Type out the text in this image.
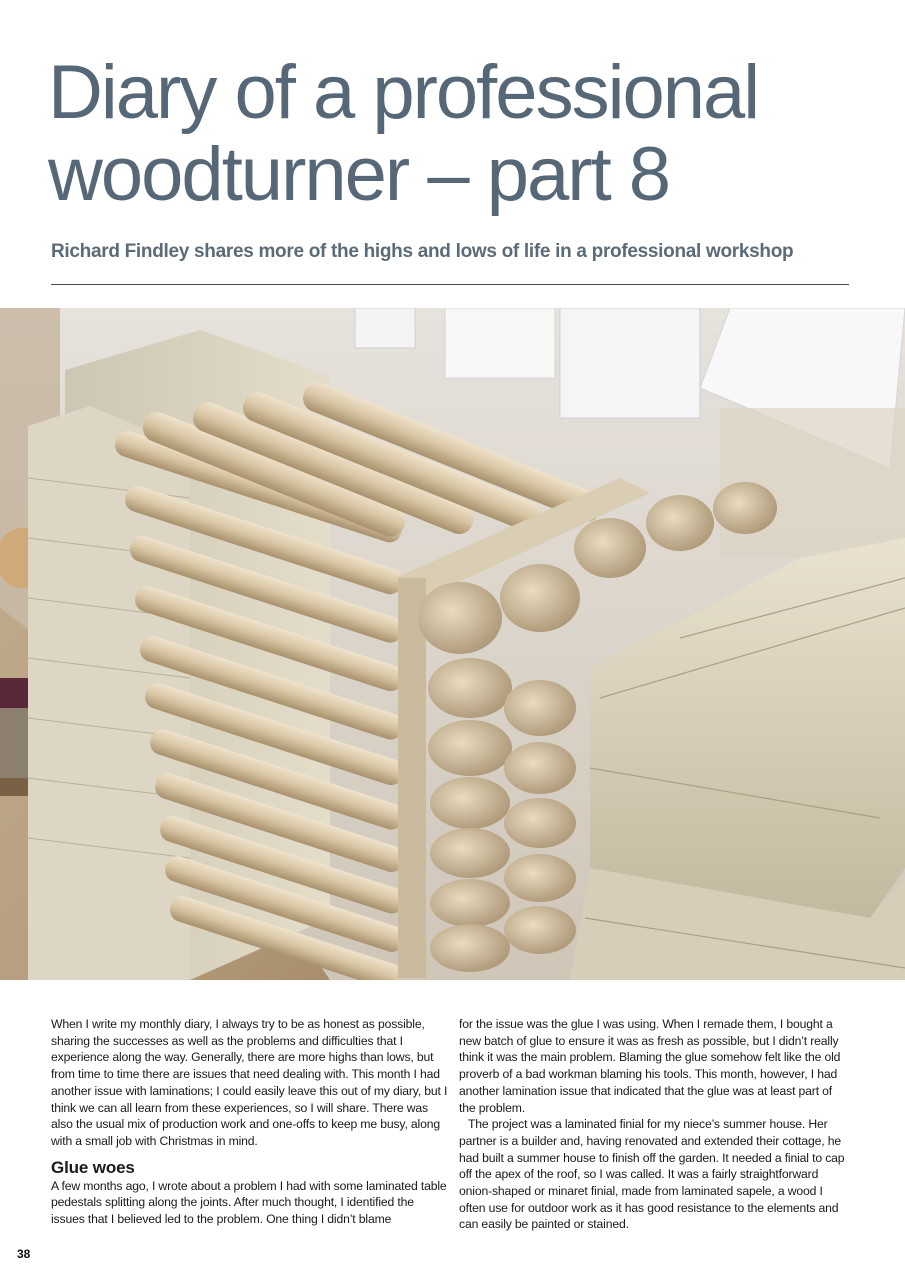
Diary of a professional woodturner – part 8
Richard Findley shares more of the highs and lows of life in a professional workshop

When I write my monthly diary, I always try to be as honest as possible, sharing the successes as well as the problems and difficulties that I experience along the way. Generally, there are more highs than lows, but from time to time there are issues that need dealing with. This month I had another issue with laminations; I could easily leave this out of my diary, but I think we can all learn from these experiences, so I will share. There was also the usual mix of production work and one-offs to keep me busy, along with a small job with Christmas in mind.

Glue woes

A few months ago, I wrote about a problem I had with some laminated table pedestals splitting along the joints. After much thought, I identified the issues that I believed led to the problem. One thing I didn’t blame

for the issue was the glue I was using. When I remade them, I bought a new batch of glue to ensure it was as fresh as possible, but I didn’t really think it was the main problem. Blaming the glue somehow felt like the old proverb of a bad workman blaming his tools. This month, however, I had another lamination issue that indicated that the glue was at least part of the problem.

The project was a laminated finial for my niece’s summer house. Her partner is a builder and, having renovated and extended their cottage, he had built a summer house to finish off the garden. It needed a finial to cap off the apex of the roof, so I was called. It was a fairly straightforward onion-shaped or minaret finial, made from laminated sapele, a wood I often use for outdoor work as it has good resistance to the elements and can easily be painted or stained.

38
